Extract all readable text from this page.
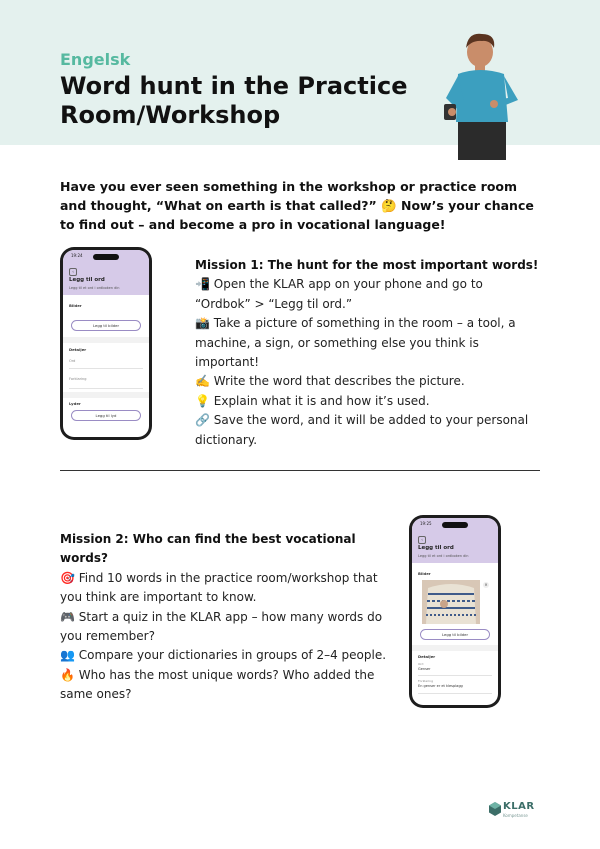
Engelsk
Word hunt in the Practice Room/Workshop
Have you ever seen something in the workshop or practice room and thought, “What on earth is that called?” 🤔 Now’s your chance to find out – and become a pro in vocational language!
19:24
‹
Legg til ord
Legg til et ord i ordboken din
Bilder
Legg til bilder
Detaljer
Ord
Forklaring
Lyder
Legg til lyd
Mission 1: The hunt for the most important words!
📲 Open the KLAR app on your phone and go to “Ordbok” > “Legg til ord.”
📸 Take a picture of something in the room – a tool, a machine, a sign, or something else you think is important!
✍️ Write the word that describes the picture.
💡 Explain what it is and how it’s used.
🔗 Save the word, and it will be added to your personal dictionary.
Mission 2: Who can find the best vocational words?
🎯 Find 10 words in the practice room/workshop that you think are important to know.
🎮 Start a quiz in the KLAR app – how many words do you remember?
👥 Compare your dictionaries in groups of 2–4 people.
🔥 Who has the most unique words? Who added the same ones?
19:25
‹
Legg til ord
Legg til et ord i ordboken din
Bilder
×
Legg til bilder
Detaljer
Ord
Genser
Forklaring
En genser er et klesplagg
KLAR
Kompetanse
